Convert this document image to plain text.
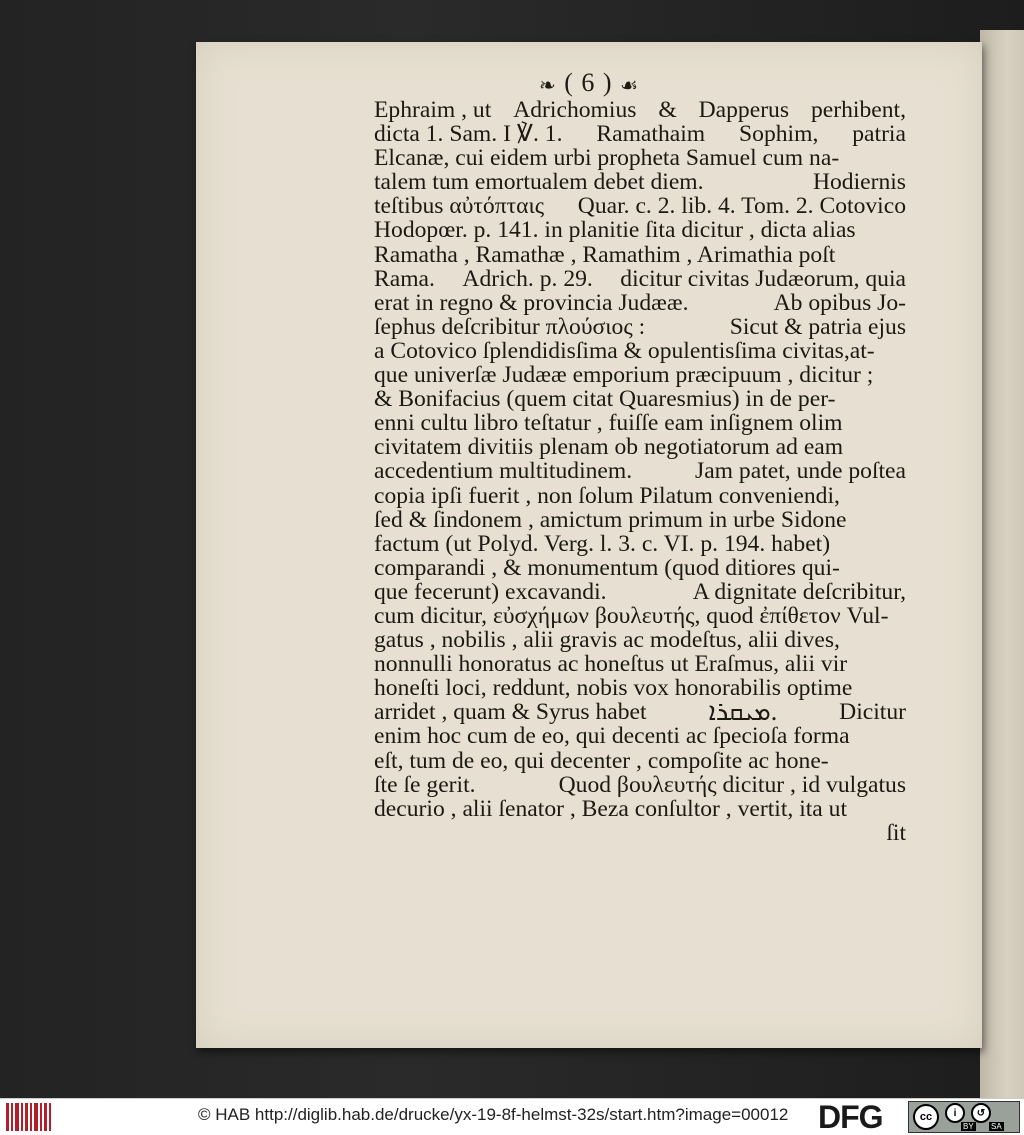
❧ ( 6 ) ☙
Ephraim , ut Adrichomius & Dapperus perhibent,
dicta 1. Sam. I ℣. 1. Ramathaim Sophim, patria
Elcanæ, cui eidem urbi propheta Samuel cum na-
talem tum emortualem debet diem.	Hodiernis
teſtibus αὐτόπταις Quar. c. 2. lib. 4. Tom. 2. Cotovico
Hodopœr. p. 141. in planitie ſita dicitur , dicta alias
Ramatha , Ramathæ , Ramathim , Arimathia poſt
Rama. Adrich. p. 29. dicitur civitas Judæorum, quia
erat in regno & provincia Judææ.	Ab opibus Jo-
ſephus deſcribitur πλούσιος :	Sicut & patria ejus
a Cotovico ſplendidisſima & opulentisſima civitas,at-
que univerſæ Judææ emporium præcipuum , dicitur ;
& Bonifacius (quem citat Quaresmius) in de per-
enni cultu libro teſtatur , fuiſſe eam inſignem olim
civitatem divitiis plenam ob negotiatorum ad eam
accedentium multitudinem.	Jam patet, unde poſtea
copia ipſi fuerit , non ſolum Pilatum conveniendi,
ſed & ſindonem , amictum primum in urbe Sidone
factum (ut Polyd. Verg. l. 3. c. VI. p. 194. habet)
comparandi , & monumentum (quod ditiores qui-
que fecerunt) excavandi.	A dignitate deſcribitur,
cum dicitur, εὐσχήμων βουλευτής, quod ἐπίθετον Vul-
gatus , nobilis , alii gravis ac modeſtus, alii dives,
nonnulli honoratus ac honeſtus ut Eraſmus, alii vir
honeſti loci, reddunt, nobis vox honorabilis optime
arridet , quam & Syrus habet ܡܝܩܪܐ.	Dicitur
enim hoc cum de eo, qui decenti ac ſpecioſa forma
eſt, tum de eo, qui decenter , compoſite ac hone-
ſte ſe gerit.	Quod βουλευτής dicitur , id vulgatus
decurio , alii ſenator , Beza conſultor , vertit, ita ut
ſit
© HAB http://diglib.hab.de/drucke/yx-19-8f-helmst-32s/start.htm?image=00012 DFG	cc	i	↺
BY SA
